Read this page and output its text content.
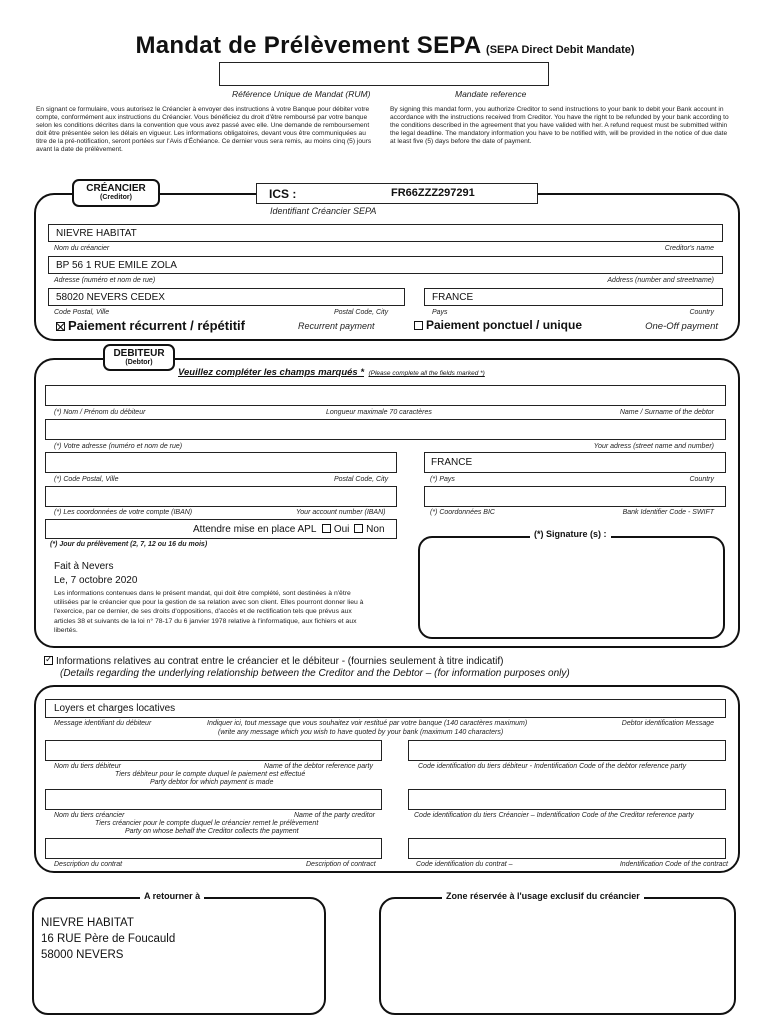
Mandat de Prélèvement SEPA (SEPA Direct Debit Mandate)
Référence Unique de Mandat (RUM)	Mandate reference
En signant ce formulaire, vous autorisez le Créancier à envoyer des instructions à votre Banque pour débiter votre compte, conformément aux instructions du Créancier. Vous bénéficiez du droit d'être remboursé par votre banque selon les conditions décrites dans la convention que vous avez passé avec elle. Une demande de remboursement doit être présentée selon les délais en vigueur. Les informations obligatoires, devant vous être communiquées au titre de la pré-notification, seront portées sur l'Avis d'Échéance. Ce dernier vous sera remis, au moins cinq (5) jours avant la date de prélèvement.
By signing this mandat form, you authorize Creditor to send instructions to your bank to debit your Bank account in accordance with the instructions received from Creditor. You have the right to be refunded by your bank according to the conditions described in the agreement that you have valided with her. A refund request must be submitted within the legal deadline. The mandatory information you have to be notified with, will be provided in the notice of due date at least five (5) days before the date of payment.
CRÉANCIER
(Creditor)	ICS :	FR66ZZZ297291
Identifiant Créancier SEPA
NIEVRE HABITAT
Nom du créancier	Creditor's name
BP 56 1 RUE EMILE ZOLA
Adresse (numéro et nom de rue)	Address (number and streetname)
58020 NEVERS CEDEX	FRANCE
Code Postal, Ville	Postal Code, City	Pays	Country
Paiement récurrent / répétitif	Recurrent payment	Paiement ponctuel / unique	One-Off payment
DEBITEUR
(Debtor)
Veuillez compléter les champs marqués * (Please complete all the fields marked *)
(*) Nom / Prénom du débiteur	Longueur maximale 70 caractères	Name / Surname of the debtor
(*) Votre adresse (numéro et nom de rue)	Your adress (street name and number)
FRANCE
(*) Code Postal, Ville	Postal Code, City	(*) Pays	Country
(*) Les coordonnées de votre compte (IBAN)	Your account number (IBAN)	(*) Coordonnées BIC	Bank Identifier Code - SWIFT
Attendre mise en place APL Oui Non
(*) Jour du prélèvement (2, 7, 12 ou 16 du mois)
(*) Signature (s) :
Fait à Nevers
Le, 7 octobre 2020
Les informations contenues dans le présent mandat, qui doit être complété, sont destinées à n'être utilisées par le créancier que pour la gestion de sa relation avec son client. Elles pourront donner lieu à l'exercice, par ce dernier, de ses droits d'oppositions, d'accès et de rectification tels que prévus aux articles 38 et suivants de la loi n° 78-17 du 6 janvier 1978 relative à l'informatique, aux fichiers et aux libertés.
✓Informations relatives au contrat entre le créancier et le débiteur - (fournies seulement à titre indicatif)
(Details regarding the underlying relationship between the Creditor and the Debtor – (for information purposes only)
Loyers et charges locatives
Message identifiant du débiteur	Indiquer ici, tout message que vous souhaitez voir restitué par votre banque (140 caractères maximum)
(write any message which you wish to have quoted by your bank (maximum 140 characters)
Debtor identification Message
Nom du tiers débiteur	Name of the debtor reference party
Tiers débiteur pour le compte duquel le paiement est effectué
Party debtor for which payment is made
Code identification du tiers débiteur - Indentification Code of the debtor reference party
Nom du tiers créancier	Name of the party creditor
Tiers créancier pour le compte duquel le créancier remet le prélèvement
Party on whose behalf the Creditor collects the payment
Code identification du tiers Créancier – Indentification Code of the Creditor reference party
Description du contrat	Description of contract	Code identification du contrat –	Indentification Code of the contract
A retourner à
NIEVRE HABITAT
16 RUE Père de Foucauld
58000 NEVERS
Zone réservée à l'usage exclusif du créancier
